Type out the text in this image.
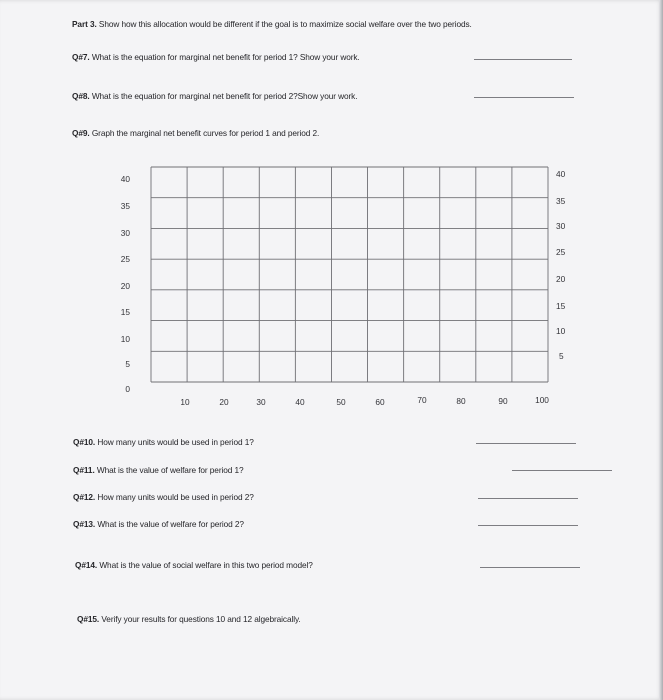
Part 3. Show how this allocation would be different if the goal is to maximize social welfare over the two periods.
Q#7. What is the equation for marginal net benefit for period 1? Show your work.
Q#8. What is the equation for marginal net benefit for period 2?Show your work.
Q#9. Graph the marginal net benefit curves for period 1 and period 2.
40
35
30
25
20
15
10
5
0
40
35
30
25
20
15
10
5
10	20	30	40	50	60	70	80	90	100
Q#10. How many units would be used in period 1?
Q#11. What is the value of welfare for period 1?
Q#12. How many units would be used in period 2?
Q#13. What is the value of welfare for period 2?
Q#14. What is the value of social welfare in this two period model?
Q#15. Verify your results for questions 10 and 12 algebraically.
